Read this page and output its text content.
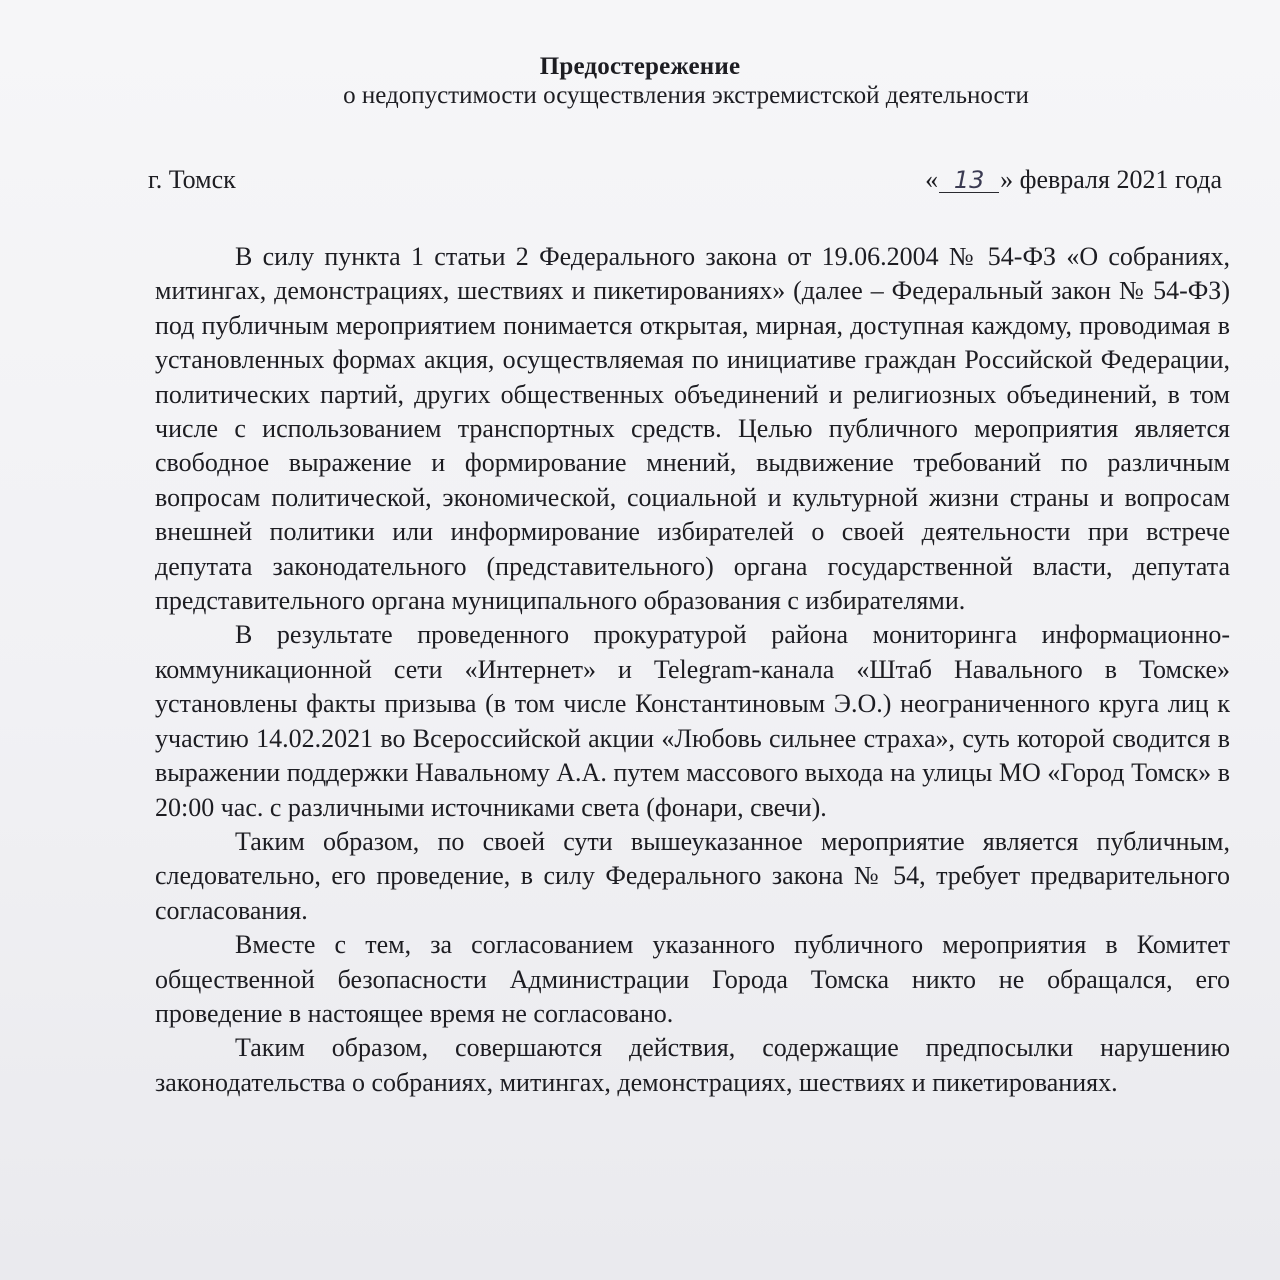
Предостережение
о недопустимости осуществления экстремистской деятельности
г. Томск	« 13 » февраля 2021 года

В силу пункта 1 статьи 2 Федерального закона от 19.06.2004 № 54-ФЗ «О собраниях, митингах, демонстрациях, шествиях и пикетированиях» (далее – Федеральный закон № 54-ФЗ) под публичным мероприятием понимается открытая, мирная, доступная каждому, проводимая в установленных формах акция, осуществляемая по инициативе граждан Российской Федерации, политических партий, других общественных объединений и религиозных объединений, в том числе с использованием транспортных средств. Целью публичного мероприятия является свободное выражение и формирование мнений, выдвижение требований по различным вопросам политической, экономической, социальной и культурной жизни страны и вопросам внешней политики или информирование избирателей о своей деятельности при встрече депутата законодательного (представительного) органа государственной власти, депутата представительного органа муниципального образования с избирателями.

В результате проведенного прокуратурой района мониторинга информационно-коммуникационной сети «Интернет» и Telegram-канала «Штаб Навального в Томске» установлены факты призыва (в том числе Константиновым Э.О.) неограниченного круга лиц к участию 14.02.2021 во Всероссийской акции «Любовь сильнее страха», суть которой сводится в выражении поддержки Навальному А.А. путем массового выхода на улицы МО «Город Томск» в 20:00 час. с различными источниками света (фонари, свечи).

Таким образом, по своей сути вышеуказанное мероприятие является публичным, следовательно, его проведение, в силу Федерального закона № 54, требует предварительного согласования.

Вместе с тем, за согласованием указанного публичного мероприятия в Комитет общественной безопасности Администрации Города Томска никто не обращался, его проведение в настоящее время не согласовано.

Таким образом, совершаются действия, содержащие предпосылки нарушению законодательства о собраниях, митингах, демонстрациях, шествиях и пикетированиях.
